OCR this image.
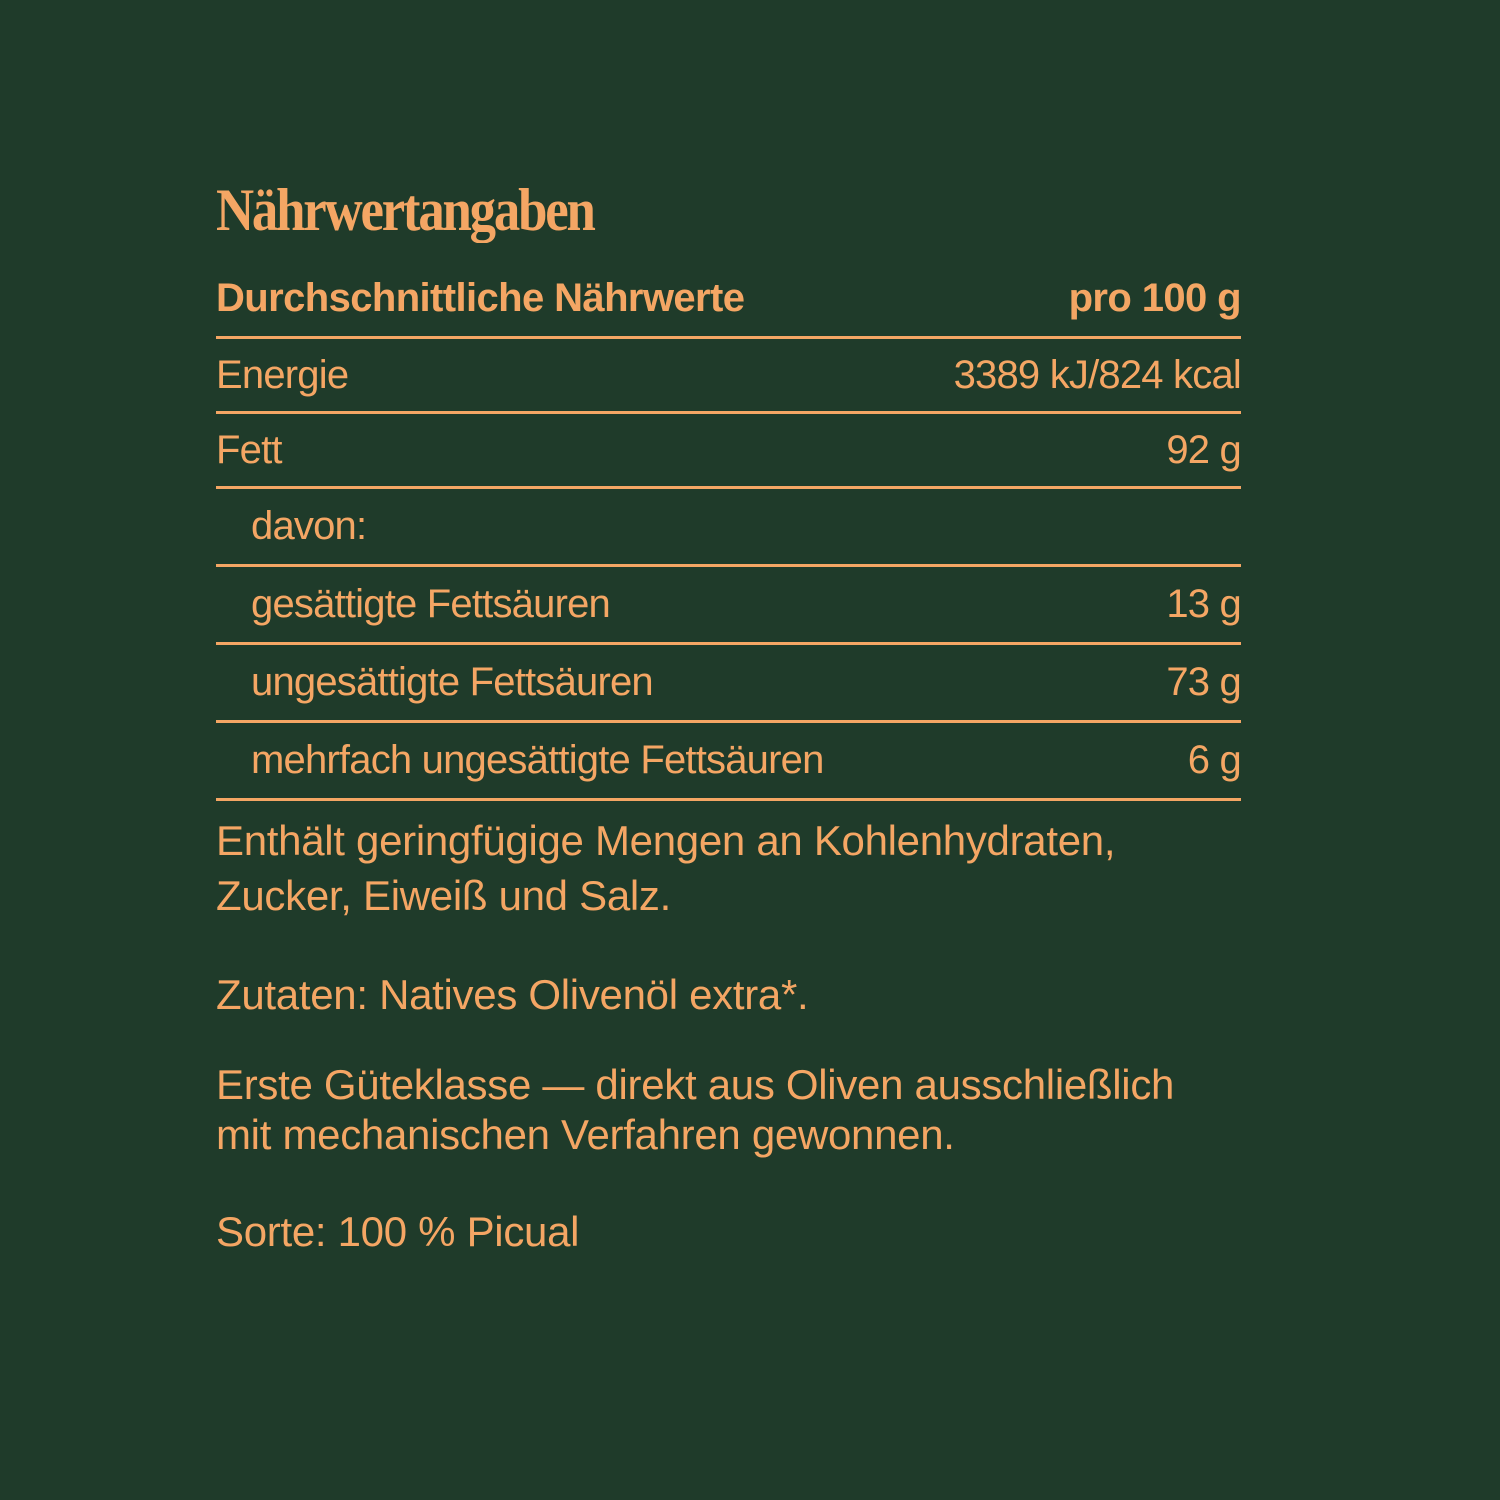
Nährwertangaben
Durchschnittliche Nährwerte	pro 100 g
Energie	3389 kJ/824 kcal
Fett	92 g
davon:
gesättigte Fettsäuren	13 g
ungesättigte Fettsäuren	73 g
mehrfach ungesättigte Fettsäuren	6 g

Enthält geringfügige Mengen an Kohlenhydraten,
Zucker, Eiweiß und Salz.

Zutaten: Natives Olivenöl extra*.

Erste Güteklasse — direkt aus Oliven ausschließlich
mit mechanischen Verfahren gewonnen.

Sorte: 100 % Picual
